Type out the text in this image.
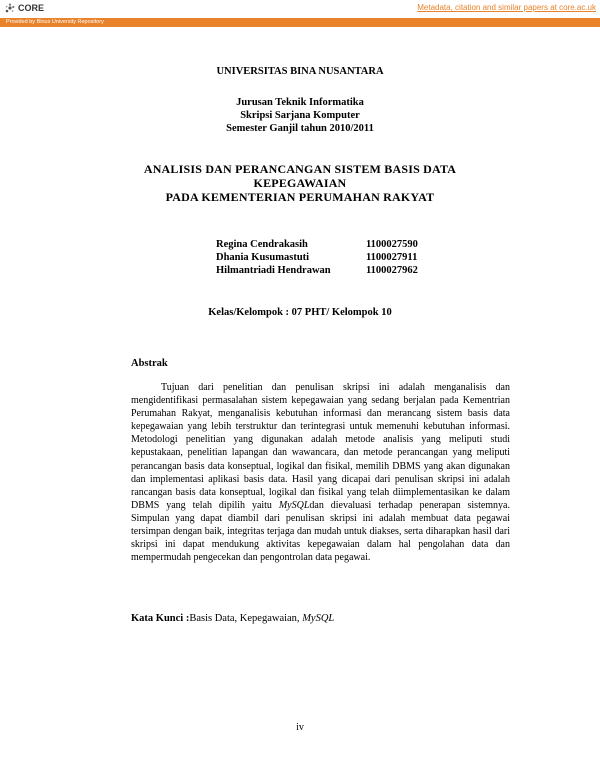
CORE	Metadata, citation and similar papers at core.ac.uk
Provided by Binus University Repository
UNIVERSITAS BINA NUSANTARA
Jurusan Teknik Informatika
Skripsi Sarjana Komputer
Semester Ganjil tahun 2010/2011
ANALISIS DAN PERANCANGAN SISTEM BASIS DATA
KEPEGAWAIAN
PADA KEMENTERIAN PERUMAHAN RAKYAT
Regina Cendrakasih	1100027590
Dhania Kusumastuti	1100027911
Hilmantriadi Hendrawan	1100027962
Kelas/Kelompok : 07 PHT/ Kelompok 10
Abstrak

Tujuan dari penelitian dan penulisan skripsi ini adalah menganalisis dan mengidentifikasi permasalahan sistem kepegawaian yang sedang berjalan pada Kementrian Perumahan Rakyat, menganalisis kebutuhan informasi dan merancang sistem basis data kepegawaian yang lebih terstruktur dan terintegrasi untuk memenuhi kebutuhan informasi. Metodologi penelitian yang digunakan adalah metode analisis yang meliputi studi kepustakaan, penelitian lapangan dan wawancara, dan metode perancangan yang meliputi perancangan basis data konseptual, logikal dan fisikal, memilih DBMS yang akan digunakan dan implementasi aplikasi basis data. Hasil yang dicapai dari penulisan skripsi ini adalah rancangan basis data konseptual, logikal dan fisikal yang telah diimplementasikan ke dalam DBMS yang telah dipilih yaitu MySQLdan dievaluasi terhadap penerapan sistemnya. Simpulan yang dapat diambil dari penulisan skripsi ini adalah membuat data pegawai tersimpan dengan baik, integritas terjaga dan mudah untuk diakses, serta diharapkan hasil dari skripsi ini dapat mendukung aktivitas kepegawaian dalam hal pengolahan data dan mempermudah pengecekan dan pengontrolan data pegawai.

Kata Kunci :Basis Data, Kepegawaian, MySQL
iv
